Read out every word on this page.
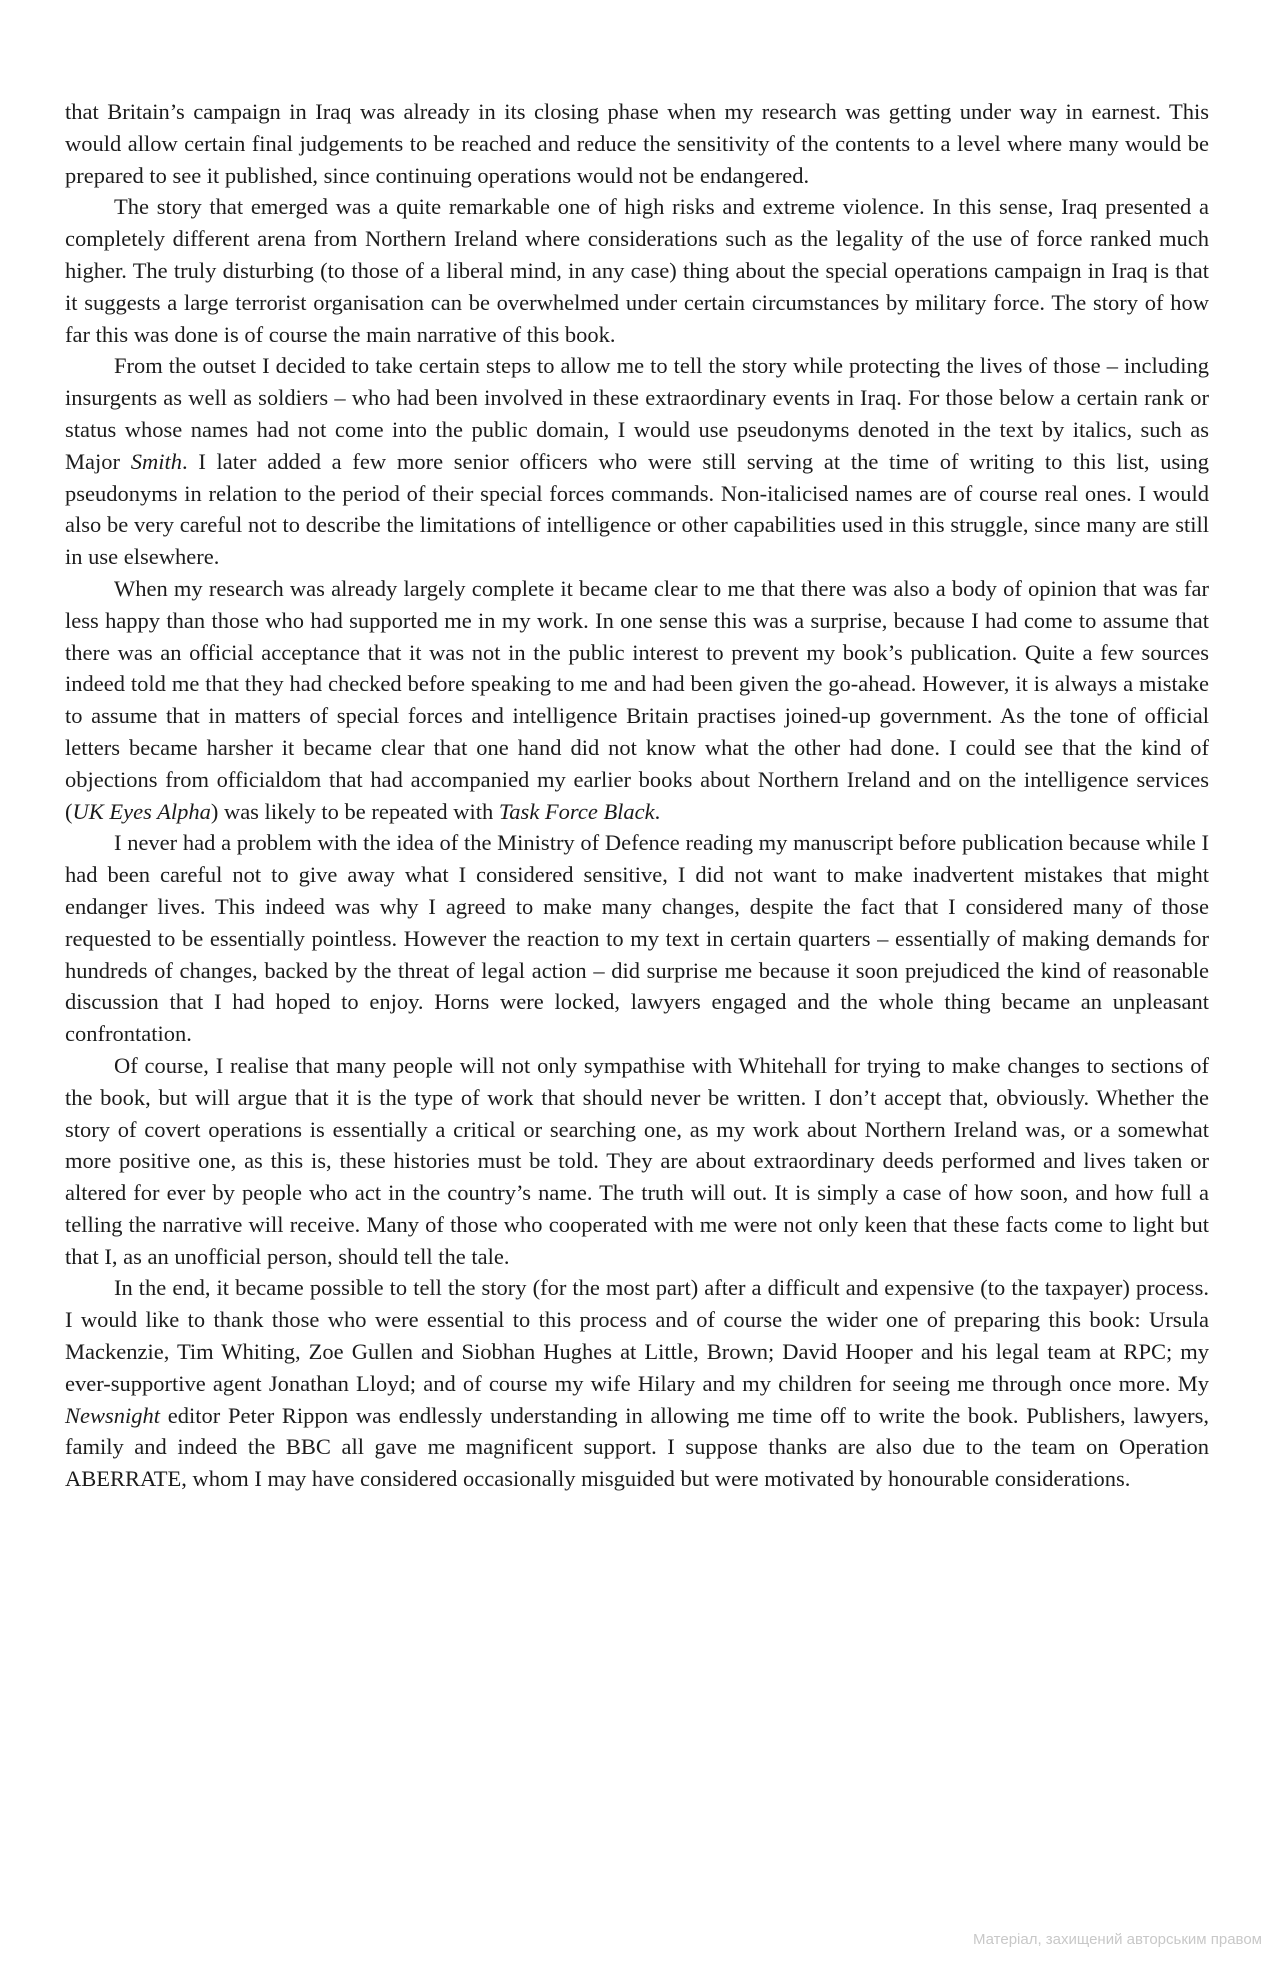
that Britain’s campaign in Iraq was already in its closing phase when my research was getting under way in earnest. This would allow certain final judgements to be reached and reduce the sensitivity of the contents to a level where many would be prepared to see it published, since continuing operations would not be endangered.

The story that emerged was a quite remarkable one of high risks and extreme violence. In this sense, Iraq presented a completely different arena from Northern Ireland where considerations such as the legality of the use of force ranked much higher. The truly disturbing (to those of a liberal mind, in any case) thing about the special operations campaign in Iraq is that it suggests a large terrorist organisation can be overwhelmed under certain circumstances by military force. The story of how far this was done is of course the main narrative of this book.

From the outset I decided to take certain steps to allow me to tell the story while protecting the lives of those – including insurgents as well as soldiers – who had been involved in these extraordinary events in Iraq. For those below a certain rank or status whose names had not come into the public domain, I would use pseudonyms denoted in the text by italics, such as Major Smith. I later added a few more senior officers who were still serving at the time of writing to this list, using pseudonyms in relation to the period of their special forces commands. Non-italicised names are of course real ones. I would also be very careful not to describe the limitations of intelligence or other capabilities used in this struggle, since many are still in use elsewhere.

When my research was already largely complete it became clear to me that there was also a body of opinion that was far less happy than those who had supported me in my work. In one sense this was a surprise, because I had come to assume that there was an official acceptance that it was not in the public interest to prevent my book’s publication. Quite a few sources indeed told me that they had checked before speaking to me and had been given the go-ahead. However, it is always a mistake to assume that in matters of special forces and intelligence Britain practises joined-up government. As the tone of official letters became harsher it became clear that one hand did not know what the other had done. I could see that the kind of objections from officialdom that had accompanied my earlier books about Northern Ireland and on the intelligence services (UK Eyes Alpha) was likely to be repeated with Task Force Black.

I never had a problem with the idea of the Ministry of Defence reading my manuscript before publication because while I had been careful not to give away what I considered sensitive, I did not want to make inadvertent mistakes that might endanger lives. This indeed was why I agreed to make many changes, despite the fact that I considered many of those requested to be essentially pointless. However the reaction to my text in certain quarters – essentially of making demands for hundreds of changes, backed by the threat of legal action – did surprise me because it soon prejudiced the kind of reasonable discussion that I had hoped to enjoy. Horns were locked, lawyers engaged and the whole thing became an unpleasant confrontation.

Of course, I realise that many people will not only sympathise with Whitehall for trying to make changes to sections of the book, but will argue that it is the type of work that should never be written. I don’t accept that, obviously. Whether the story of covert operations is essentially a critical or searching one, as my work about Northern Ireland was, or a somewhat more positive one, as this is, these histories must be told. They are about extraordinary deeds performed and lives taken or altered for ever by people who act in the country’s name. The truth will out. It is simply a case of how soon, and how full a telling the narrative will receive. Many of those who cooperated with me were not only keen that these facts come to light but that I, as an unofficial person, should tell the tale.

In the end, it became possible to tell the story (for the most part) after a difficult and expensive (to the taxpayer) process. I would like to thank those who were essential to this process and of course the wider one of preparing this book: Ursula Mackenzie, Tim Whiting, Zoe Gullen and Siobhan Hughes at Little, Brown; David Hooper and his legal team at RPC; my ever-supportive agent Jonathan Lloyd; and of course my wife Hilary and my children for seeing me through once more. My Newsnight editor Peter Rippon was endlessly understanding in allowing me time off to write the book. Publishers, lawyers, family and indeed the BBC all gave me magnificent support. I suppose thanks are also due to the team on Operation ABERRATE, whom I may have considered occasionally misguided but were motivated by honourable considerations.

Матеріал, захищений авторським правом
